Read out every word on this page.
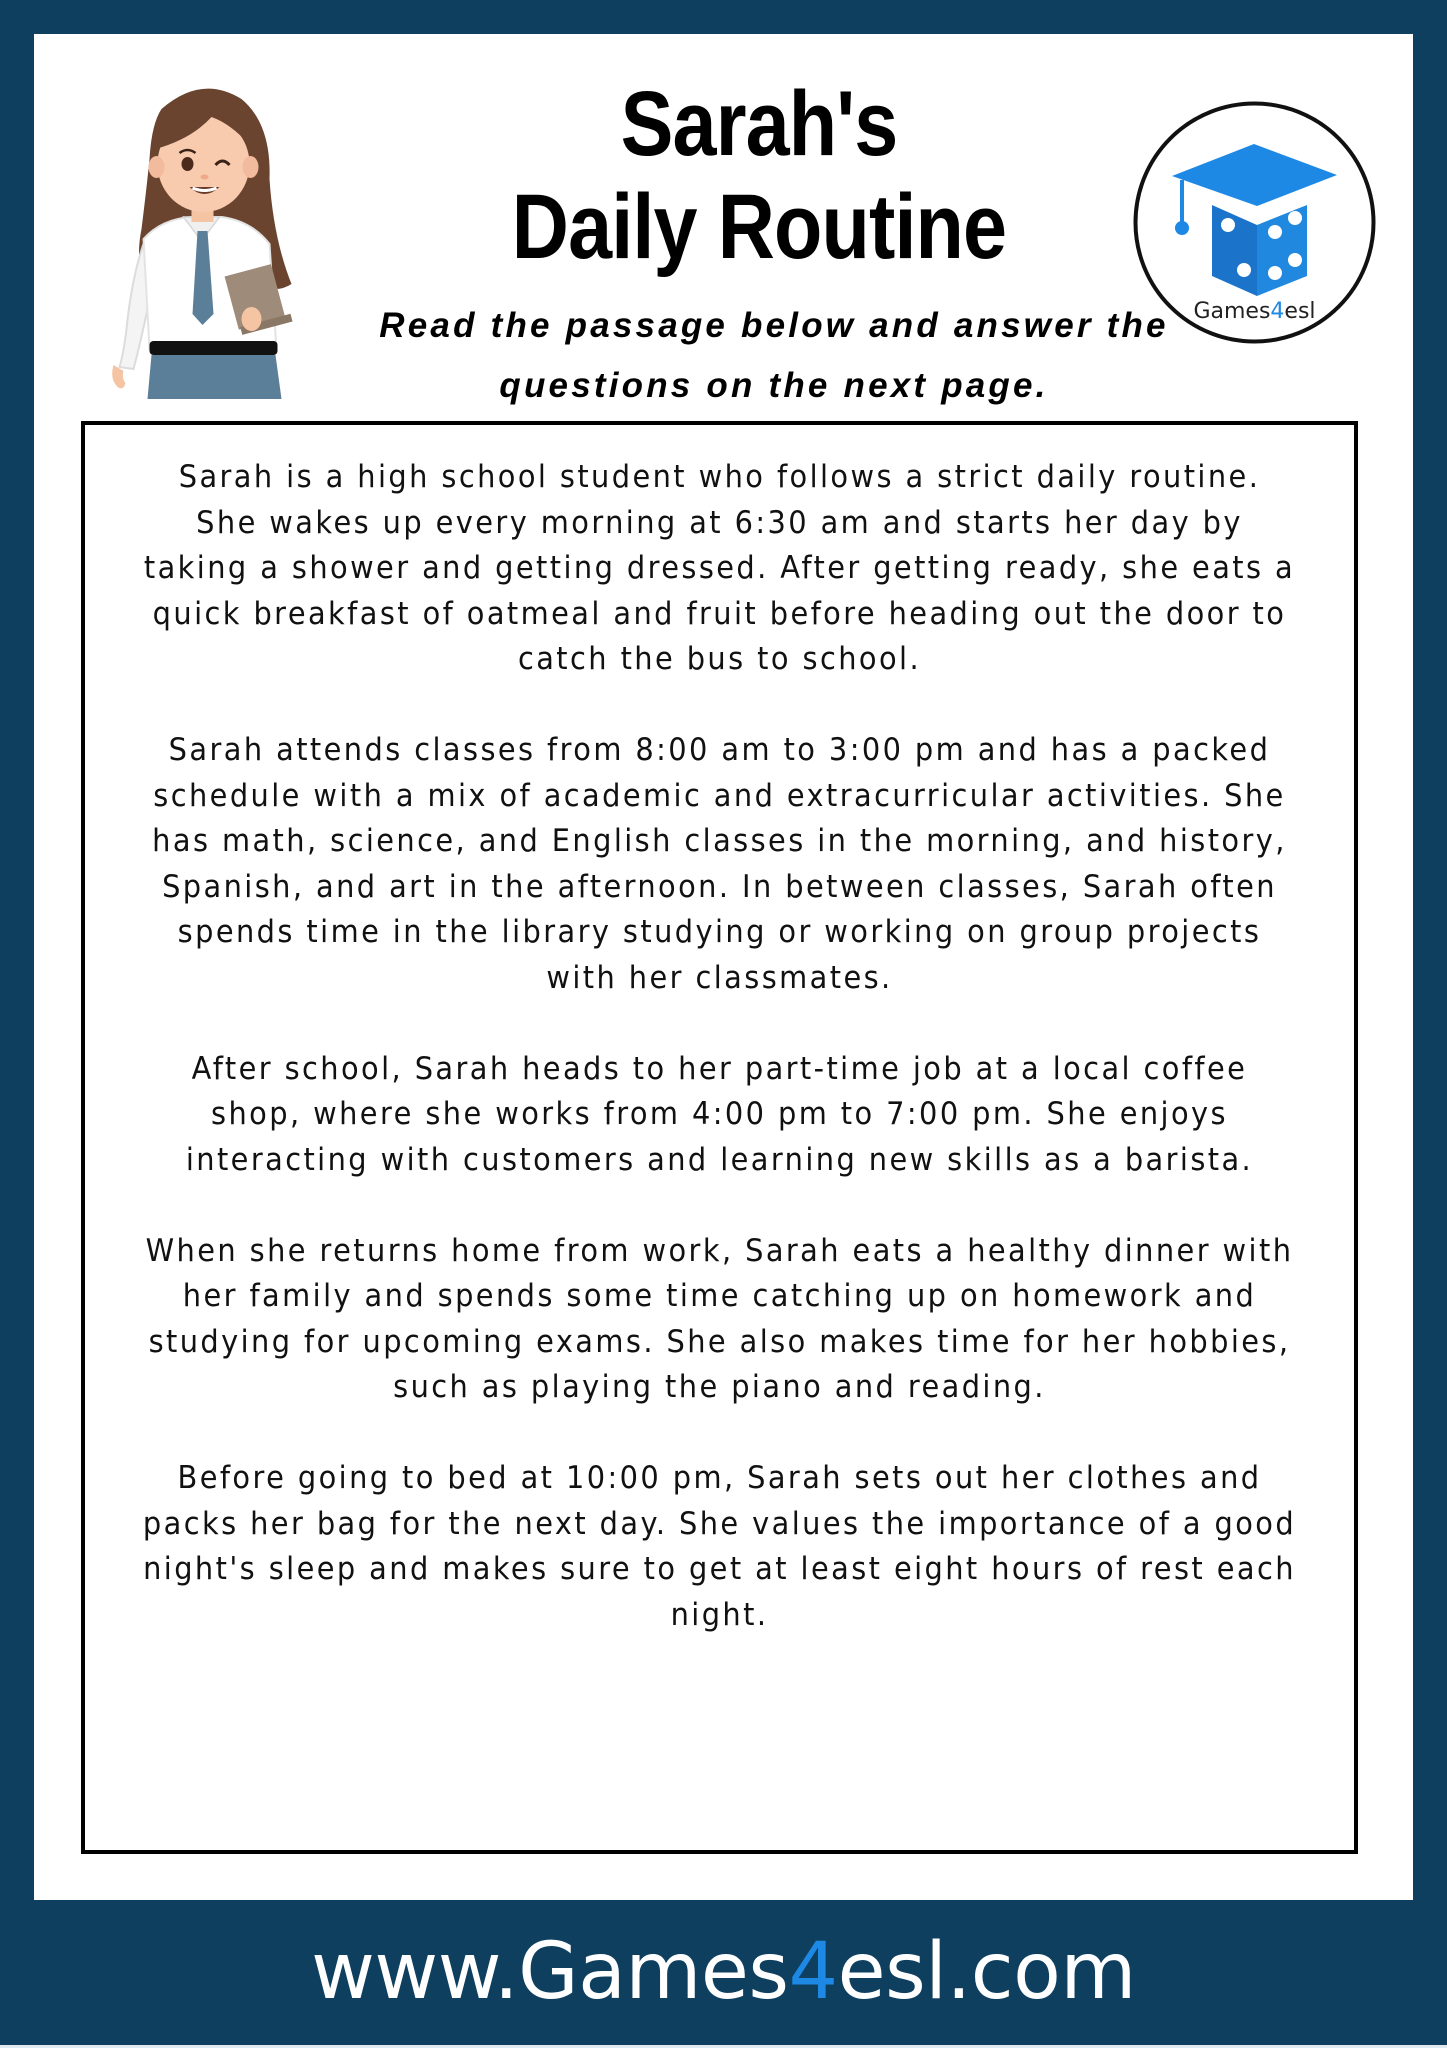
Sarah's
Daily Routine
Read the passage below and answer the
questions on the next page.
Games4esl

Sarah is a high school student who follows a strict daily routine. She wakes up every morning at 6:30 am and starts her day by taking a shower and getting dressed. After getting ready, she eats a quick breakfast of oatmeal and fruit before heading out the door to catch the bus to school.

Sarah attends classes from 8:00 am to 3:00 pm and has a packed schedule with a mix of academic and extracurricular activities. She has math, science, and English classes in the morning, and history, Spanish, and art in the afternoon. In between classes, Sarah often spends time in the library studying or working on group projects with her classmates.

After school, Sarah heads to her part-time job at a local coffee shop, where she works from 4:00 pm to 7:00 pm. She enjoys interacting with customers and learning new skills as a barista.

When she returns home from work, Sarah eats a healthy dinner with her family and spends some time catching up on homework and studying for upcoming exams. She also makes time for her hobbies, such as playing the piano and reading.

Before going to bed at 10:00 pm, Sarah sets out her clothes and packs her bag for the next day. She values the importance of a good night's sleep and makes sure to get at least eight hours of rest each night.

www.Games4esl.com
